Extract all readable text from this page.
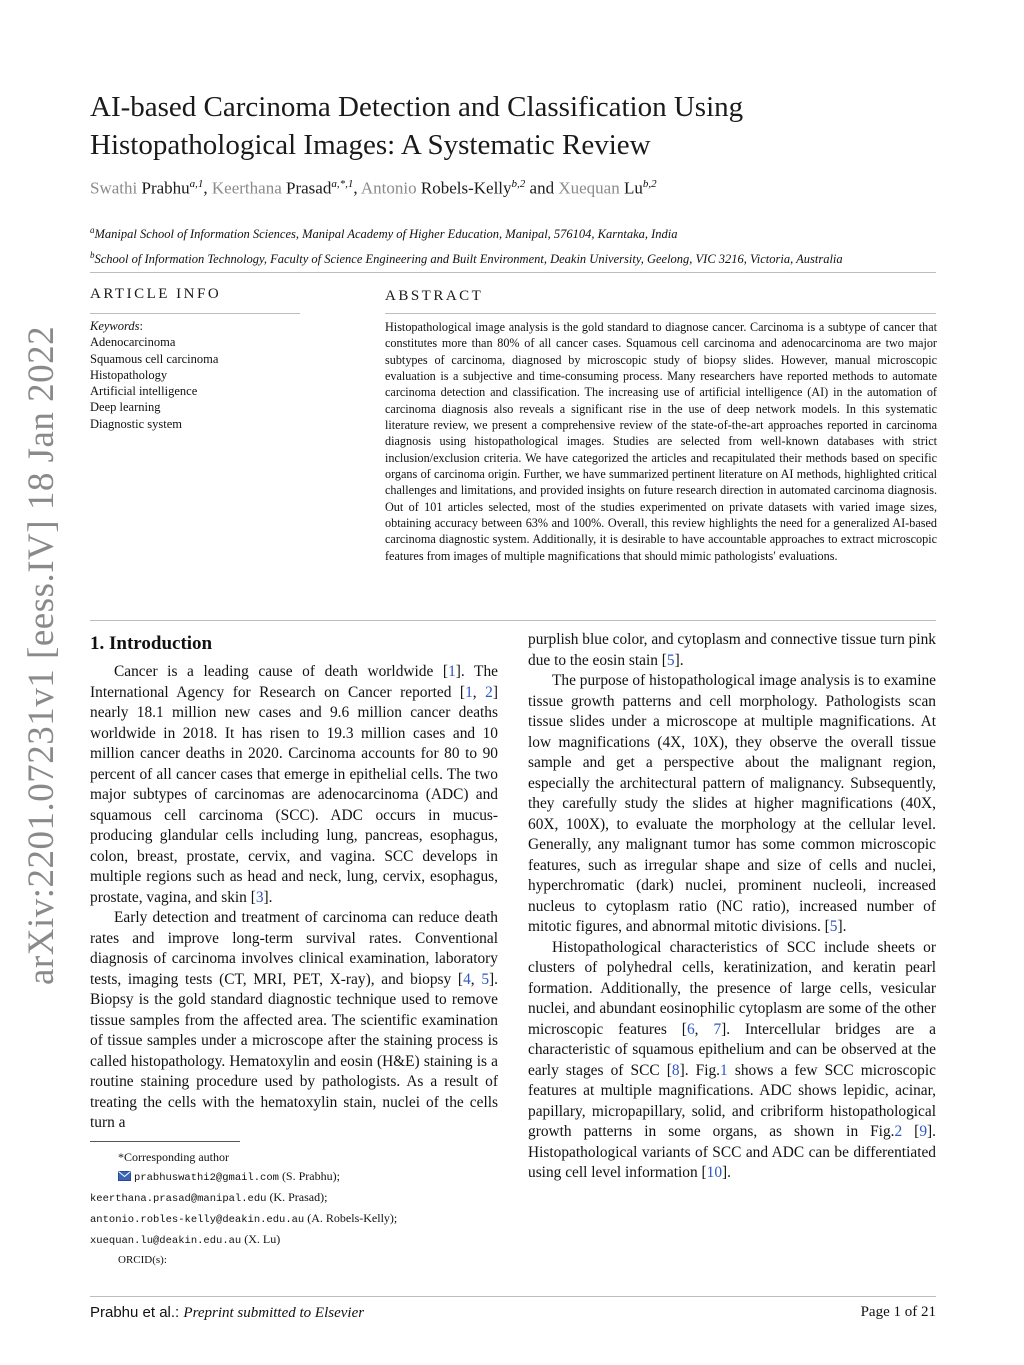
arXiv:2201.07231v1 [eess.IV] 18 Jan 2022
AI-based Carcinoma Detection and Classification Using
Histopathological Images: A Systematic Review
Swathi Prabhu$^{a,1}$, Keerthana Prasad$^{a,*,1}$, Antonio Robels-Kelly$^{b,2}$ and Xuequan Lu$^{b,2}$
$^a$Manipal School of Information Sciences, Manipal Academy of Higher Education, Manipal, 576104, Karntaka, India
$^b$School of Information Technology, Faculty of Science Engineering and Built Environment, Deakin University, Geelong, VIC 3216, Victoria, Australia
ARTICLE INFO	ABSTRACT
Keywords:
Adenocarcinoma
Squamous cell carcinoma
Histopathology
Artificial intelligence
Deep learning
Diagnostic system
Histopathological image analysis is the gold standard to diagnose cancer. Carcinoma is a subtype of cancer that constitutes more than 80% of all cancer cases. Squamous cell carcinoma and adenocarcinoma are two major subtypes of carcinoma, diagnosed by microscopic study of biopsy slides. However, manual microscopic evaluation is a subjective and time-consuming process. Many researchers have reported methods to automate carcinoma detection and classification. The increasing use of artificial intelligence (AI) in the automation of carcinoma diagnosis also reveals a significant rise in the use of deep network models. In this systematic literature review, we present a comprehensive review of the state-of-the-art approaches reported in carcinoma diagnosis using histopathological images. Studies are selected from well-known databases with strict inclusion/exclusion criteria. We have categorized the articles and recapitulated their methods based on specific organs of carcinoma origin. Further, we have summarized pertinent literature on AI methods, highlighted critical challenges and limitations, and provided insights on future research direction in automated carcinoma diagnosis. Out of 101 articles selected, most of the studies experimented on private datasets with varied image sizes, obtaining accuracy between 63% and 100%. Overall, this review highlights the need for a generalized AI-based carcinoma diagnostic system. Additionally, it is desirable to have accountable approaches to extract microscopic features from images of multiple magnifications that should mimic pathologists′ evaluations.
1. Introduction

Cancer is a leading cause of death worldwide [1]. The International Agency for Research on Cancer reported [1, 2] nearly 18.1 million new cases and 9.6 million cancer deaths worldwide in 2018. It has risen to 19.3 million cases and 10 million cancer deaths in 2020. Carcinoma accounts for 80 to 90 percent of all cancer cases that emerge in epithelial cells. The two major subtypes of carcinomas are adenocarcinoma (ADC) and squamous cell carcinoma (SCC). ADC occurs in mucus-producing glandular cells including lung, pancreas, esophagus, colon, breast, prostate, cervix, and vagina. SCC develops in multiple regions such as head and neck, lung, cervix, esophagus, prostate, vagina, and skin [3].

Early detection and treatment of carcinoma can reduce death rates and improve long-term survival rates. Conventional diagnosis of carcinoma involves clinical examination, laboratory tests, imaging tests (CT, MRI, PET, X-ray), and biopsy [4, 5]. Biopsy is the gold standard diagnostic technique used to remove tissue samples from the affected area. The scientific examination of tissue samples under a microscope after the staining process is called histopathology. Hematoxylin and eosin (H&E) staining is a routine staining procedure used by pathologists. As a result of treating the cells with the hematoxylin stain, nuclei of the cells turn a

purplish blue color, and cytoplasm and connective tissue turn pink due to the eosin stain [5].

The purpose of histopathological image analysis is to examine tissue growth patterns and cell morphology. Pathologists scan tissue slides under a microscope at multiple magnifications. At low magnifications (4X, 10X), they observe the overall tissue sample and get a perspective about the malignant region, especially the architectural pattern of malignancy. Subsequently, they carefully study the slides at higher magnifications (40X, 60X, 100X), to evaluate the morphology at the cellular level. Generally, any malignant tumor has some common microscopic features, such as irregular shape and size of cells and nuclei, hyperchromatic (dark) nuclei, prominent nucleoli, increased nucleus to cytoplasm ratio (NC ratio), increased number of mitotic figures, and abnormal mitotic divisions. [5].

Histopathological characteristics of SCC include sheets or clusters of polyhedral cells, keratinization, and keratin pearl formation. Additionally, the presence of large cells, vesicular nuclei, and abundant eosinophilic cytoplasm are some of the other microscopic features [6, 7]. Intercellular bridges are a characteristic of squamous epithelium and can be observed at the early stages of SCC [8]. Fig.1 shows a few SCC microscopic features at multiple magnifications. ADC shows lepidic, acinar, papillary, micropapillary, solid, and cribriform histopathological growth patterns in some organs, as shown in Fig.2 [9]. Histopathological variants of SCC and ADC can be differentiated using cell level information [10].

*Corresponding author
prabhuswathi2@gmail.com (S. Prabhu);
keerthana.prasad@manipal.edu (K. Prasad);
antonio.robles-kelly@deakin.edu.au (A. Robels-Kelly);
xuequan.lu@deakin.edu.au (X. Lu)
ORCID(s):
Prabhu et al.: Preprint submitted to Elsevier	Page 1 of 21
